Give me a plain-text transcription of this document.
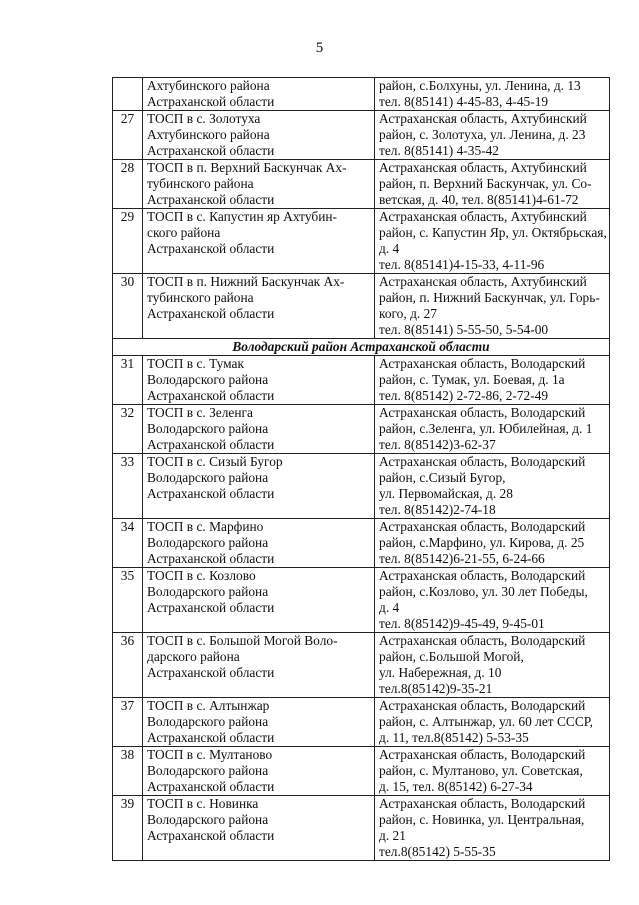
5

	Ахтубинского района
Астраханской области	район, с.Болхуны, ул. Ленина, д. 13
тел. 8(85141) 4-45-83, 4-45-19

27	ТОСП в с. Золотуха
Ахтубинского района
Астраханской области	Астраханская область, Ахтубинский
район, с. Золотуха, ул. Ленина, д. 23
тел. 8(85141) 4-35-42

28	ТОСП в п. Верхний Баскунчак Ах-
тубинского района
Астраханской области	Астраханская область, Ахтубинский
район, п. Верхний Баскунчак, ул. Со-
ветская, д. 40, тел. 8(85141)4-61-72

29	ТОСП в с. Капустин яр Ахтубин-
ского района
Астраханской области	Астраханская область, Ахтубинский
район, с. Капустин Яр, ул. Октябрьская,
д. 4
тел. 8(85141)4-15-33, 4-11-96

30	ТОСП в п. Нижний Баскунчак Ах-
тубинского района
Астраханской области	Астраханская область, Ахтубинский
район, п. Нижний Баскунчак, ул. Горь-
кого, д. 27
тел. 8(85141) 5-55-50, 5-54-00

Володарский район Астраханской области		
31	ТОСП в с. Тумак
Володарского района
Астраханской области	Астраханская область, Володарский
район, с. Тумак, ул. Боевая, д. 1а
тел. 8(85142) 2-72-86, 2-72-49

32	ТОСП в с. Зеленга
Володарского района
Астраханской области	Астраханская область, Володарский
район, с.Зеленга, ул. Юбилейная, д. 1
тел. 8(85142)3-62-37

33	ТОСП в с. Сизый Бугор
Володарского района
Астраханской области	Астраханская область, Володарский
район, с.Сизый Бугор,
ул. Первомайская, д. 28
тел. 8(85142)2-74-18

34	ТОСП в с. Марфино
Володарского района
Астраханской области	Астраханская область, Володарский
район, с.Марфино, ул. Кирова, д. 25
тел. 8(85142)6-21-55, 6-24-66

35	ТОСП в с. Козлово
Володарского района
Астраханской области	Астраханская область, Володарский
район, с.Козлово, ул. 30 лет Победы,
д. 4
тел. 8(85142)9-45-49, 9-45-01

36	ТОСП в с. Большой Могой Воло-
дарского района
Астраханской области	Астраханская область, Володарский
район, с.Большой Могой,
ул. Набережная, д. 10
тел.8(85142)9-35-21

37	ТОСП в с. Алтынжар
Володарского района
Астраханской области	Астраханская область, Володарский
район, с. Алтынжар, ул. 60 лет СССР,
д. 11, тел.8(85142) 5-53-35

38	ТОСП в с. Мултаново
Володарского района
Астраханской области	Астраханская область, Володарский
район, с. Мултаново, ул. Советская,
д. 15, тел. 8(85142) 6-27-34

39	ТОСП в с. Новинка
Володарского района
Астраханской области	Астраханская область, Володарский
район, с. Новинка, ул. Центральная,
д. 21
тел.8(85142) 5-55-35
